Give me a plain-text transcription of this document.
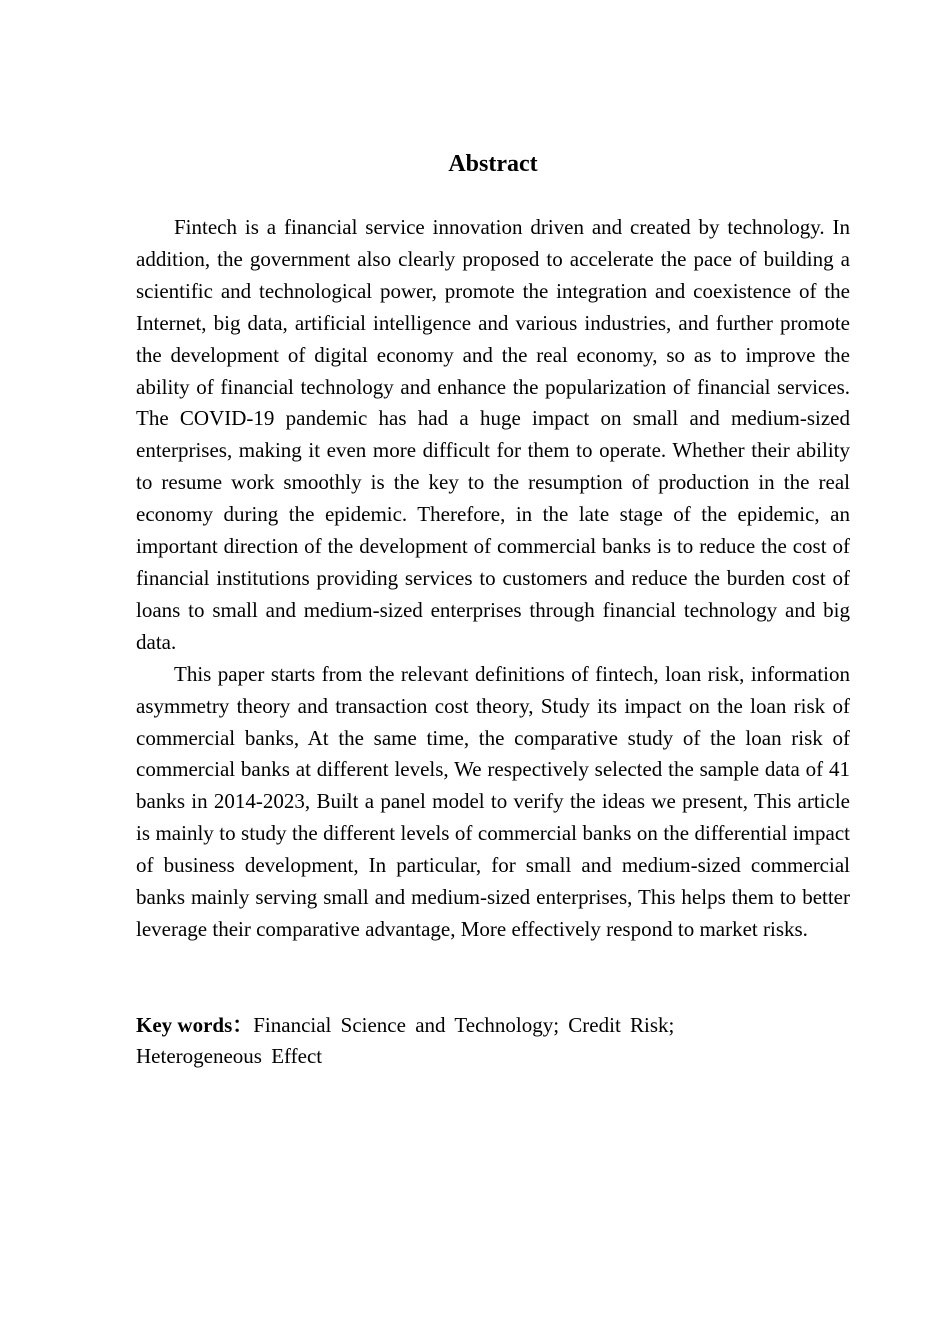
Abstract

Fintech is a financial service innovation driven and created by technology. In addition, the government also clearly proposed to accelerate the pace of building a scientific and technological power, promote the integration and coexistence of the Internet, big data, artificial intelligence and various industries, and further promote the development of digital economy and the real economy, so as to improve the ability of financial technology and enhance the popularization of financial services. The COVID-19 pandemic has had a huge impact on small and medium-sized enterprises, making it even more difficult for them to operate. Whether their ability to resume work smoothly is the key to the resumption of production in the real economy during the epidemic. Therefore, in the late stage of the epidemic, an important direction of the development of commercial banks is to reduce the cost of financial institutions providing services to customers and reduce the burden cost of loans to small and medium-sized enterprises through financial technology and big data.

This paper starts from the relevant definitions of fintech, loan risk, information asymmetry theory and transaction cost theory, Study its impact on the loan risk of commercial banks, At the same time, the comparative study of the loan risk of commercial banks at different levels, We respectively selected the sample data of 41 banks in 2014-2023, Built a panel model to verify the ideas we present, This article is mainly to study the different levels of commercial banks on the differential impact of business development, In particular, for small and medium-sized commercial banks mainly serving small and medium-sized enterprises, This helps them to better leverage their comparative advantage, More effectively respond to market risks.

Key words：Financial Science and Technology; Credit Risk; Heterogeneous Effect
